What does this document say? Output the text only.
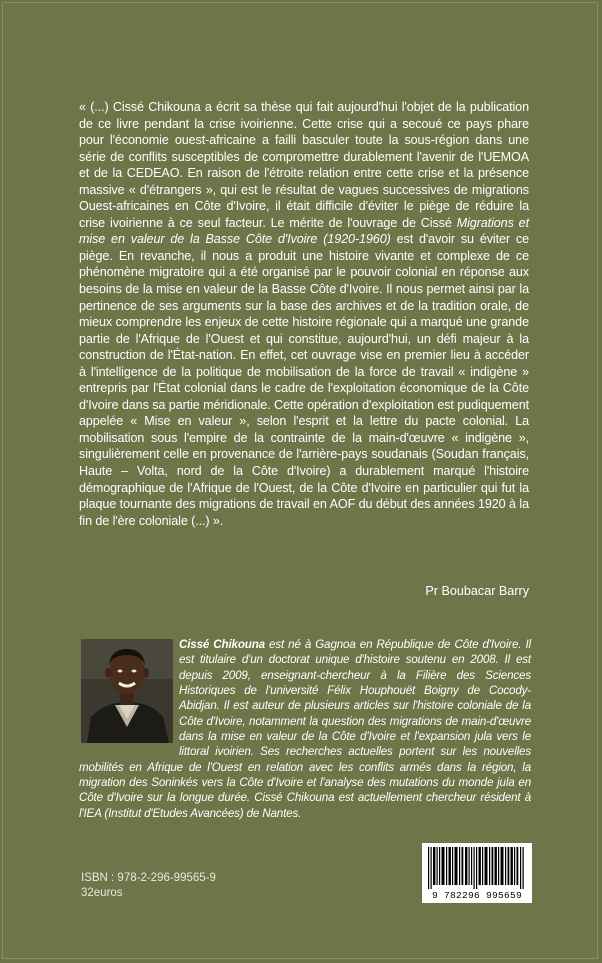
« (...) Cissé Chikouna a écrit sa thèse qui fait aujourd'hui l'objet de la publication de ce livre pendant la crise ivoirienne. Cette crise qui a secoué ce pays phare pour l'économie ouest-africaine a failli basculer toute la sous-région dans une série de conflits susceptibles de compromettre durablement l'avenir de l'UEMOA et de la CEDEAO. En raison de l'étroite relation entre cette crise et la présence massive « d'étrangers », qui est le résultat de vagues successives de migrations Ouest-africaines en Côte d'Ivoire, il était difficile d'éviter le piège de réduire la crise ivoirienne à ce seul facteur. Le mérite de l'ouvrage de Cissé Migrations et mise en valeur de la Basse Côte d'Ivoire (1920-1960) est d'avoir su éviter ce piège. En revanche, il nous a produit une histoire vivante et complexe de ce phénomène migratoire qui a été organisé par le pouvoir colonial en réponse aux besoins de la mise en valeur de la Basse Côte d'Ivoire. Il nous permet ainsi par la pertinence de ses arguments sur la base des archives et de la tradition orale, de mieux comprendre les enjeux de cette histoire régionale qui a marqué une grande partie de l'Afrique de l'Ouest et qui constitue, aujourd'hui, un défi majeur à la construction de l'État-nation. En effet, cet ouvrage vise en premier lieu à accéder à l'intelligence de la politique de mobilisation de la force de travail « indigène » entrepris par l'État colonial dans le cadre de l'exploitation économique de la Côte d'Ivoire dans sa partie méridionale. Cette opération d'exploitation est pudiquement appelée « Mise en valeur », selon l'esprit et la lettre du pacte colonial. La mobilisation sous l'empire de la contrainte de la main-d'œuvre « indigène », singulièrement celle en provenance de l'arrière-pays soudanais (Soudan français, Haute – Volta, nord de la Côte d'Ivoire) a durablement marqué l'histoire démographique de l'Afrique de l'Ouest, de la Côte d'Ivoire en particulier qui fut la plaque tournante des migrations de travail en AOF du début des années 1920 à la fin de l'ère coloniale (...) ».
Pr Boubacar Barry
Cissé Chikouna est né à Gagnoa en République de Côte d'Ivoire. Il est titulaire d'un doctorat unique d'histoire soutenu en 2008. Il est depuis 2009, enseignant-chercheur à la Filière des Sciences Historiques de l'université Félix Houphouët Boigny de Cocody-Abidjan. Il est auteur de plusieurs articles sur l'histoire coloniale de la Côte d'Ivoire, notamment la question des migrations de main-d'œuvre dans la mise en valeur de la Côte d'Ivoire et l'expansion jula vers le littoral ivoirien. Ses recherches actuelles portent sur les nouvelles mobilités en Afrique de l'Ouest en relation avec les conflits armés dans la région, la migration des Soninkés vers la Côte d'Ivoire et l'analyse des mutations du monde jula en Côte d'Ivoire sur la longue durée. Cissé Chikouna est actuellement chercheur résident à l'IEA (Institut d'Etudes Avancées) de Nantes.
ISBN : 978-2-296-99565-9
32euros	9 782296 995659
